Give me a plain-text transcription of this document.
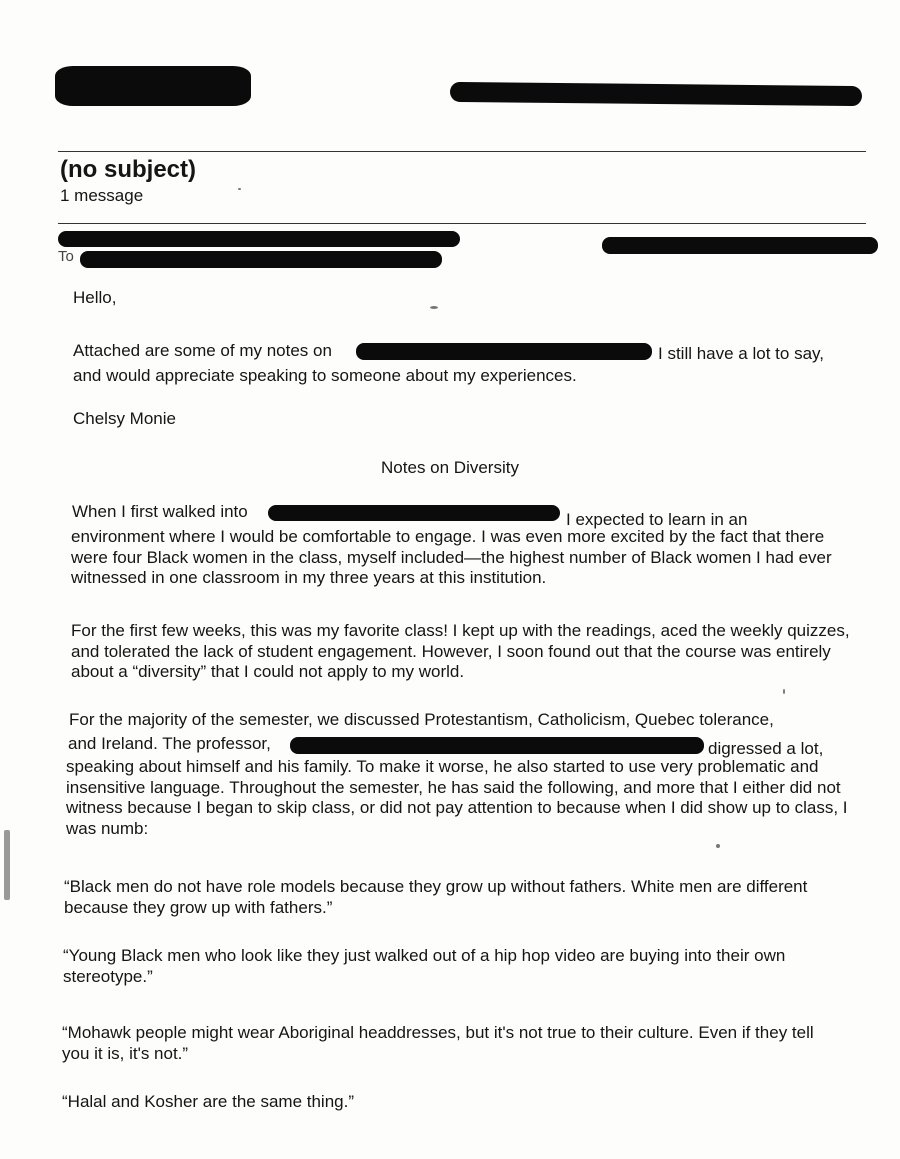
(no subject)
1 message
To
Hello,
Attached are some of my notes on	I still have a lot to say,
and would appreciate speaking to someone about my experiences.
Chelsy Monie
Notes on Diversity
When I first walked into	I expected to learn in an
environment where I would be comfortable to engage. I was even more excited by the fact that there were four Black women in the class, myself included—the highest number of Black women I had ever witnessed in one classroom in my three years at this institution.
For the first few weeks, this was my favorite class! I kept up with the readings, aced the weekly quizzes, and tolerated the lack of student engagement. However, I soon found out that the course was entirely about a “diversity” that I could not apply to my world.
For the majority of the semester, we discussed Protestantism, Catholicism, Quebec tolerance,
and Ireland. The professor,	digressed a lot,
speaking about himself and his family. To make it worse, he also started to use very problematic and insensitive language. Throughout the semester, he has said the following, and more that I either did not witness because I began to skip class, or did not pay attention to because when I did show up to class, I was numb:
“Black men do not have role models because they grow up without fathers. White men are different because they grow up with fathers.”
“Young Black men who look like they just walked out of a hip hop video are buying into their own stereotype.”
“Mohawk people might wear Aboriginal headdresses, but it's not true to their culture. Even if they tell you it is, it's not.”
“Halal and Kosher are the same thing.”
